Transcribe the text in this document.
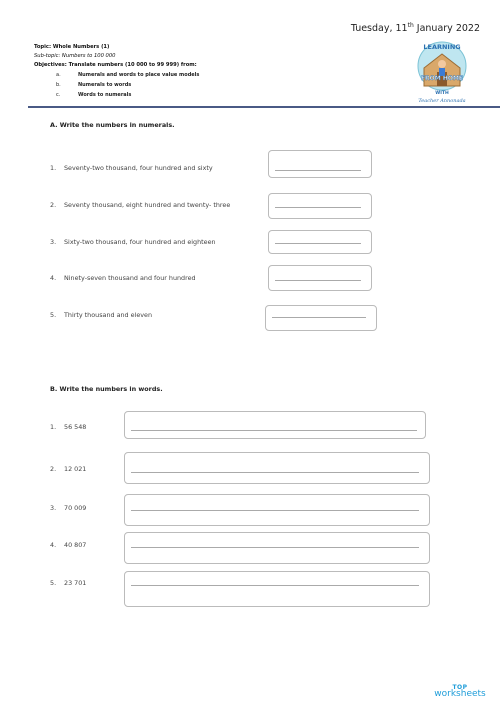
Tuesday, 11th January 2022
Topic: Whole Numbers (1)
Sub-topic: Numbers to 100 000
Objectives: Translate numbers (10 000 to 99 999) from:
a.	Numerals and words to place value models
b.	Numerals to words
c.	Words to numerals
LEARNING
FROM HOME
WITH
Teacher Annonada
A. Write the numbers in numerals.
1. Seventy-two thousand, four hundred and sixty
2. Seventy thousand, eight hundred and twenty- three
3. Sixty-two thousand, four hundred and eighteen
4. Ninety-seven thousand and four hundred
5. Thirty thousand and eleven
B. Write the numbers in words.
1. 56 548
2. 12 021
3. 70 009
4. 40 807
5. 23 701
TOP
worksheets
